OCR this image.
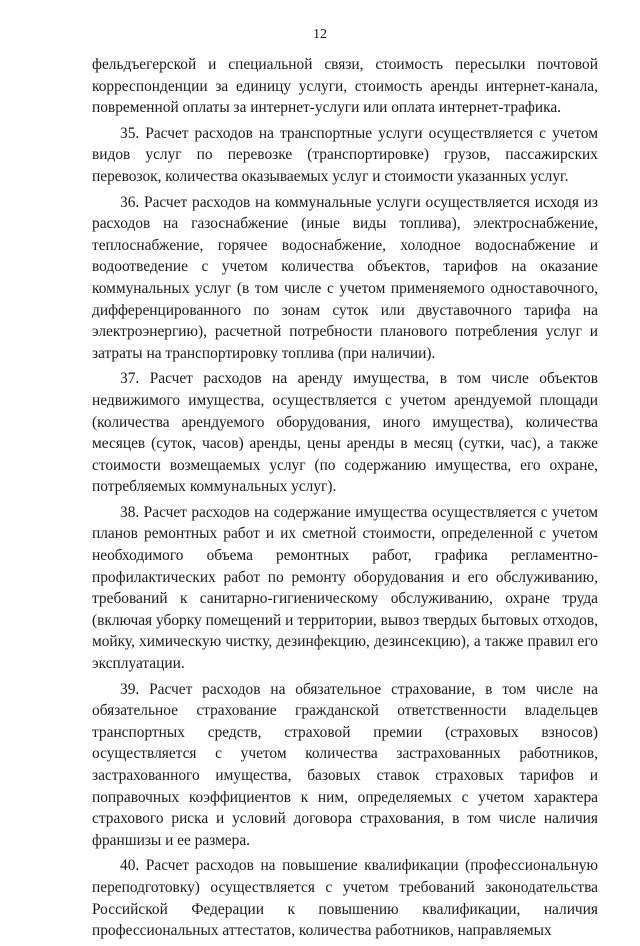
12

фельдъегерской и специальной связи, стоимость пересылки почтовой корреспонденции за единицу услуги, стоимость аренды интернет-канала, повременной оплаты за интернет-услуги или оплата интернет-трафика.

35. Расчет расходов на транспортные услуги осуществляется с учетом видов услуг по перевозке (транспортировке) грузов, пассажирских перевозок, количества оказываемых услуг и стоимости указанных услуг.

36. Расчет расходов на коммунальные услуги осуществляется исходя из расходов на газоснабжение (иные виды топлива), электроснабжение, теплоснабжение, горячее водоснабжение, холодное водоснабжение и водоотведение с учетом количества объектов, тарифов на оказание коммунальных услуг (в том числе с учетом применяемого одноставочного, дифференцированного по зонам суток или двуставочного тарифа на электроэнергию), расчетной потребности планового потребления услуг и затраты на транспортировку топлива (при наличии).

37. Расчет расходов на аренду имущества, в том числе объектов недвижимого имущества, осуществляется с учетом арендуемой площади (количества арендуемого оборудования, иного имущества), количества месяцев (суток, часов) аренды, цены аренды в месяц (сутки, час), а также стоимости возмещаемых услуг (по содержанию имущества, его охране, потребляемых коммунальных услуг).

38. Расчет расходов на содержание имущества осуществляется с учетом планов ремонтных работ и их сметной стоимости, определенной с учетом необходимого объема ремонтных работ, графика регламентно-профилактических работ по ремонту оборудования и его обслуживанию, требований к санитарно-гигиеническому обслуживанию, охране труда (включая уборку помещений и территории, вывоз твердых бытовых отходов, мойку, химическую чистку, дезинфекцию, дезинсекцию), а также правил его эксплуатации.

39. Расчет расходов на обязательное страхование, в том числе на обязательное страхование гражданской ответственности владельцев транспортных средств, страховой премии (страховых взносов) осуществляется с учетом количества застрахованных работников, застрахованного имущества, базовых ставок страховых тарифов и поправочных коэффициентов к ним, определяемых с учетом характера страхового риска и условий договора страхования, в том числе наличия франшизы и ее размера.

40. Расчет расходов на повышение квалификации (профессиональную переподготовку) осуществляется с учетом требований законодательства Российской Федерации к повышению квалификации, наличия профессиональных аттестатов, количества работников, направляемых
